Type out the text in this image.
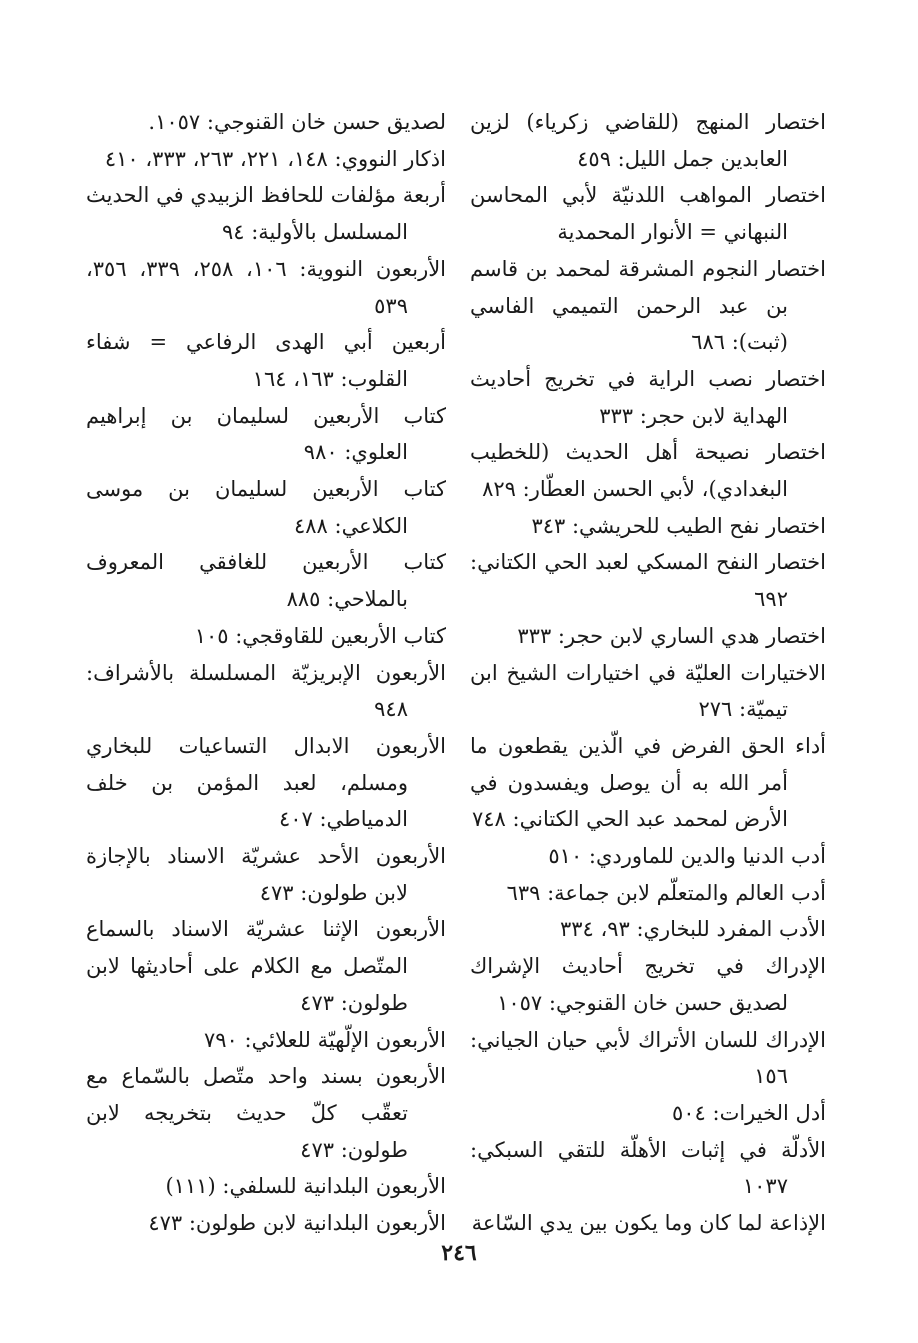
اختصار المنهج (للقاضي زكرياء) لزين العابدين جمل الليل: ٤٥٩

اختصار المواهب اللدنيّة لأبي المحاسن النبهاني = الأنوار المحمدية

اختصار النجوم المشرقة لمحمد بن قاسم بن عبد الرحمن التميمي الفاسي (ثبت): ٦٨٦

اختصار نصب الراية في تخريج أحاديث الهداية لابن حجر: ٣٣٣

اختصار نصيحة أهل الحديث (للخطيب البغدادي)، لأبي الحسن العطّار: ٨٢٩

اختصار نفح الطيب للحريشي: ٣٤٣

اختصار النفح المسكي لعبد الحي الكتاني: ٦٩٢

اختصار هدي الساري لابن حجر: ٣٣٣

الاختيارات العليّة في اختيارات الشيخ ابن تيميّة: ٢٧٦

أداء الحق الفرض في الّذين يقطعون ما أمر الله به أن يوصل ويفسدون في الأرض لمحمد عبد الحي الكتاني: ٧٤٨

أدب الدنيا والدين للماوردي: ٥١٠

أدب العالم والمتعلّم لابن جماعة: ٦٣٩

الأدب المفرد للبخاري: ٩٣، ٣٣٤

الإدراك في تخريج أحاديث الإشراك لصديق حسن خان القنوجي: ١٠٥٧

الإدراك للسان الأتراك لأبي حيان الجياني: ١٥٦

أدل الخيرات: ٥٠٤

الأدلّة في إثبات الأهلّة للتقي السبكي: ١٠٣٧

الإذاعة لما كان وما يكون بين يدي السّاعة

لصديق حسن خان القنوجي: ١٠٥٧.

اذكار النووي: ١٤٨، ٢٢١، ٢٦٣، ٣٣٣، ٤١٠

أربعة مؤلفات للحافظ الزبيدي في الحديث المسلسل بالأولية: ٩٤

الأربعون النووية: ١٠٦، ٢٥٨، ٣٣٩، ٣٥٦، ٥٣٩

أربعين أبي الهدى الرفاعي = شفاء القلوب: ١٦٣، ١٦٤

كتاب الأربعين لسليمان بن إبراهيم العلوي: ٩٨٠

كتاب الأربعين لسليمان بن موسى الكلاعي: ٤٨٨

كتاب الأربعين للغافقي المعروف بالملاحي: ٨٨٥

كتاب الأربعين للقاوقجي: ١٠٥

الأربعون الإبريزيّة المسلسلة بالأشراف: ٩٤٨

الأربعون الابدال التساعيات للبخاري ومسلم، لعبد المؤمن بن خلف الدمياطي: ٤٠٧

الأربعون الأحد عشريّة الاسناد بالإجازة لابن طولون: ٤٧٣

الأربعون الإثنا عشريّة الاسناد بالسماع المتّصل مع الكلام على أحاديثها لابن طولون: ٤٧٣

الأربعون الإلّهيّة للعلائي: ٧٩٠

الأربعون بسند واحد متّصل بالسّماع مع تعقّب كلّ حديث بتخريجه لابن طولون: ٤٧٣

الأربعون البلدانية للسلفي: (١١١)

الأربعون البلدانية لابن طولون: ٤٧٣

٢٤٦
